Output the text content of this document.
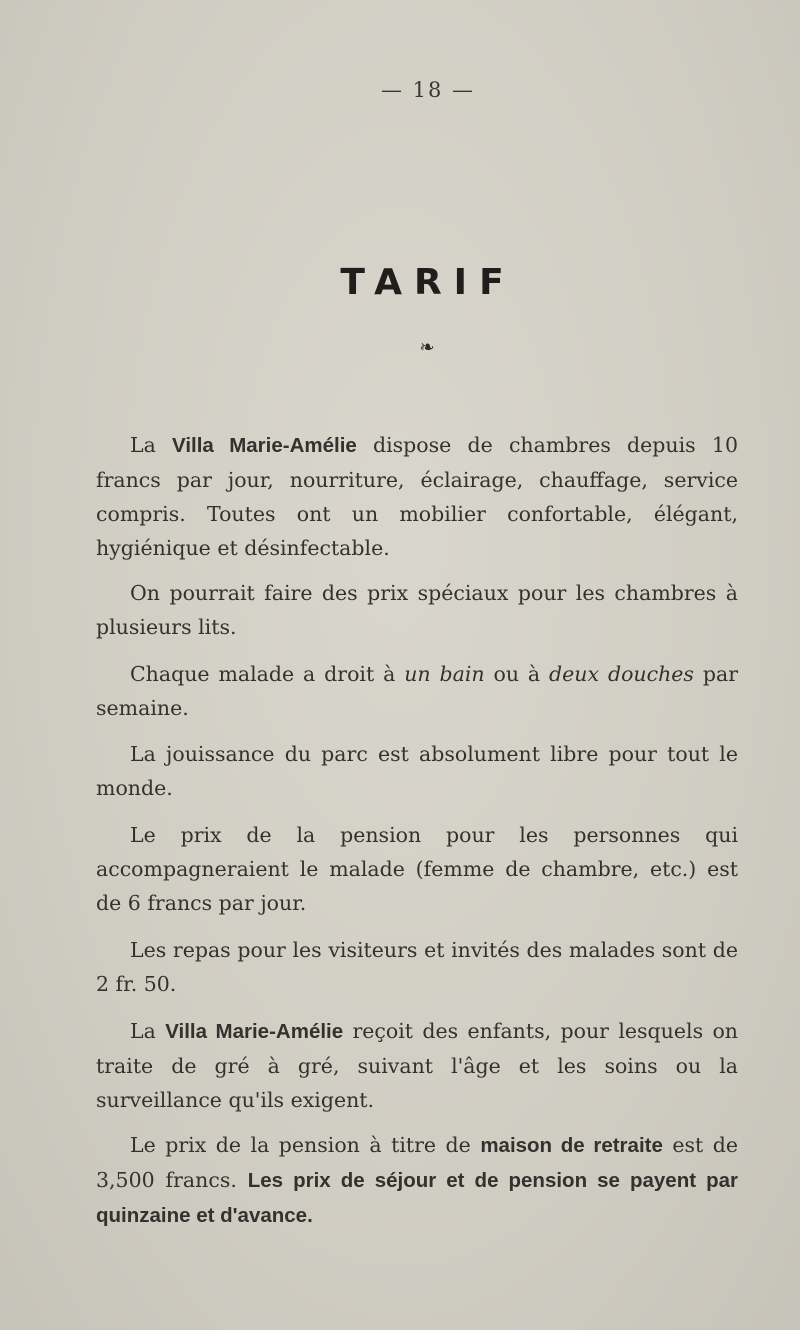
— 18 —
TARIF
❧
La Villa Marie-Amélie dispose de chambres depuis 10 francs par jour, nourriture, éclairage, chauffage, service compris. Toutes ont un mobilier confortable, élégant, hygiénique et désinfectable.
On pourrait faire des prix spéciaux pour les chambres à plusieurs lits.
Chaque malade a droit à un bain ou à deux douches par semaine.
La jouissance du parc est absolument libre pour tout le monde.
Le prix de la pension pour les personnes qui accompagneraient le malade (femme de chambre, etc.) est de 6 francs par jour.
Les repas pour les visiteurs et invités des malades sont de 2 fr. 50.
La Villa Marie-Amélie reçoit des enfants, pour lesquels on traite de gré à gré, suivant l'âge et les soins ou la surveillance qu'ils exigent.
Le prix de la pension à titre de maison de retraite est de 3,500 francs. Les prix de séjour et de pension se payent par quinzaine et d'avance.
